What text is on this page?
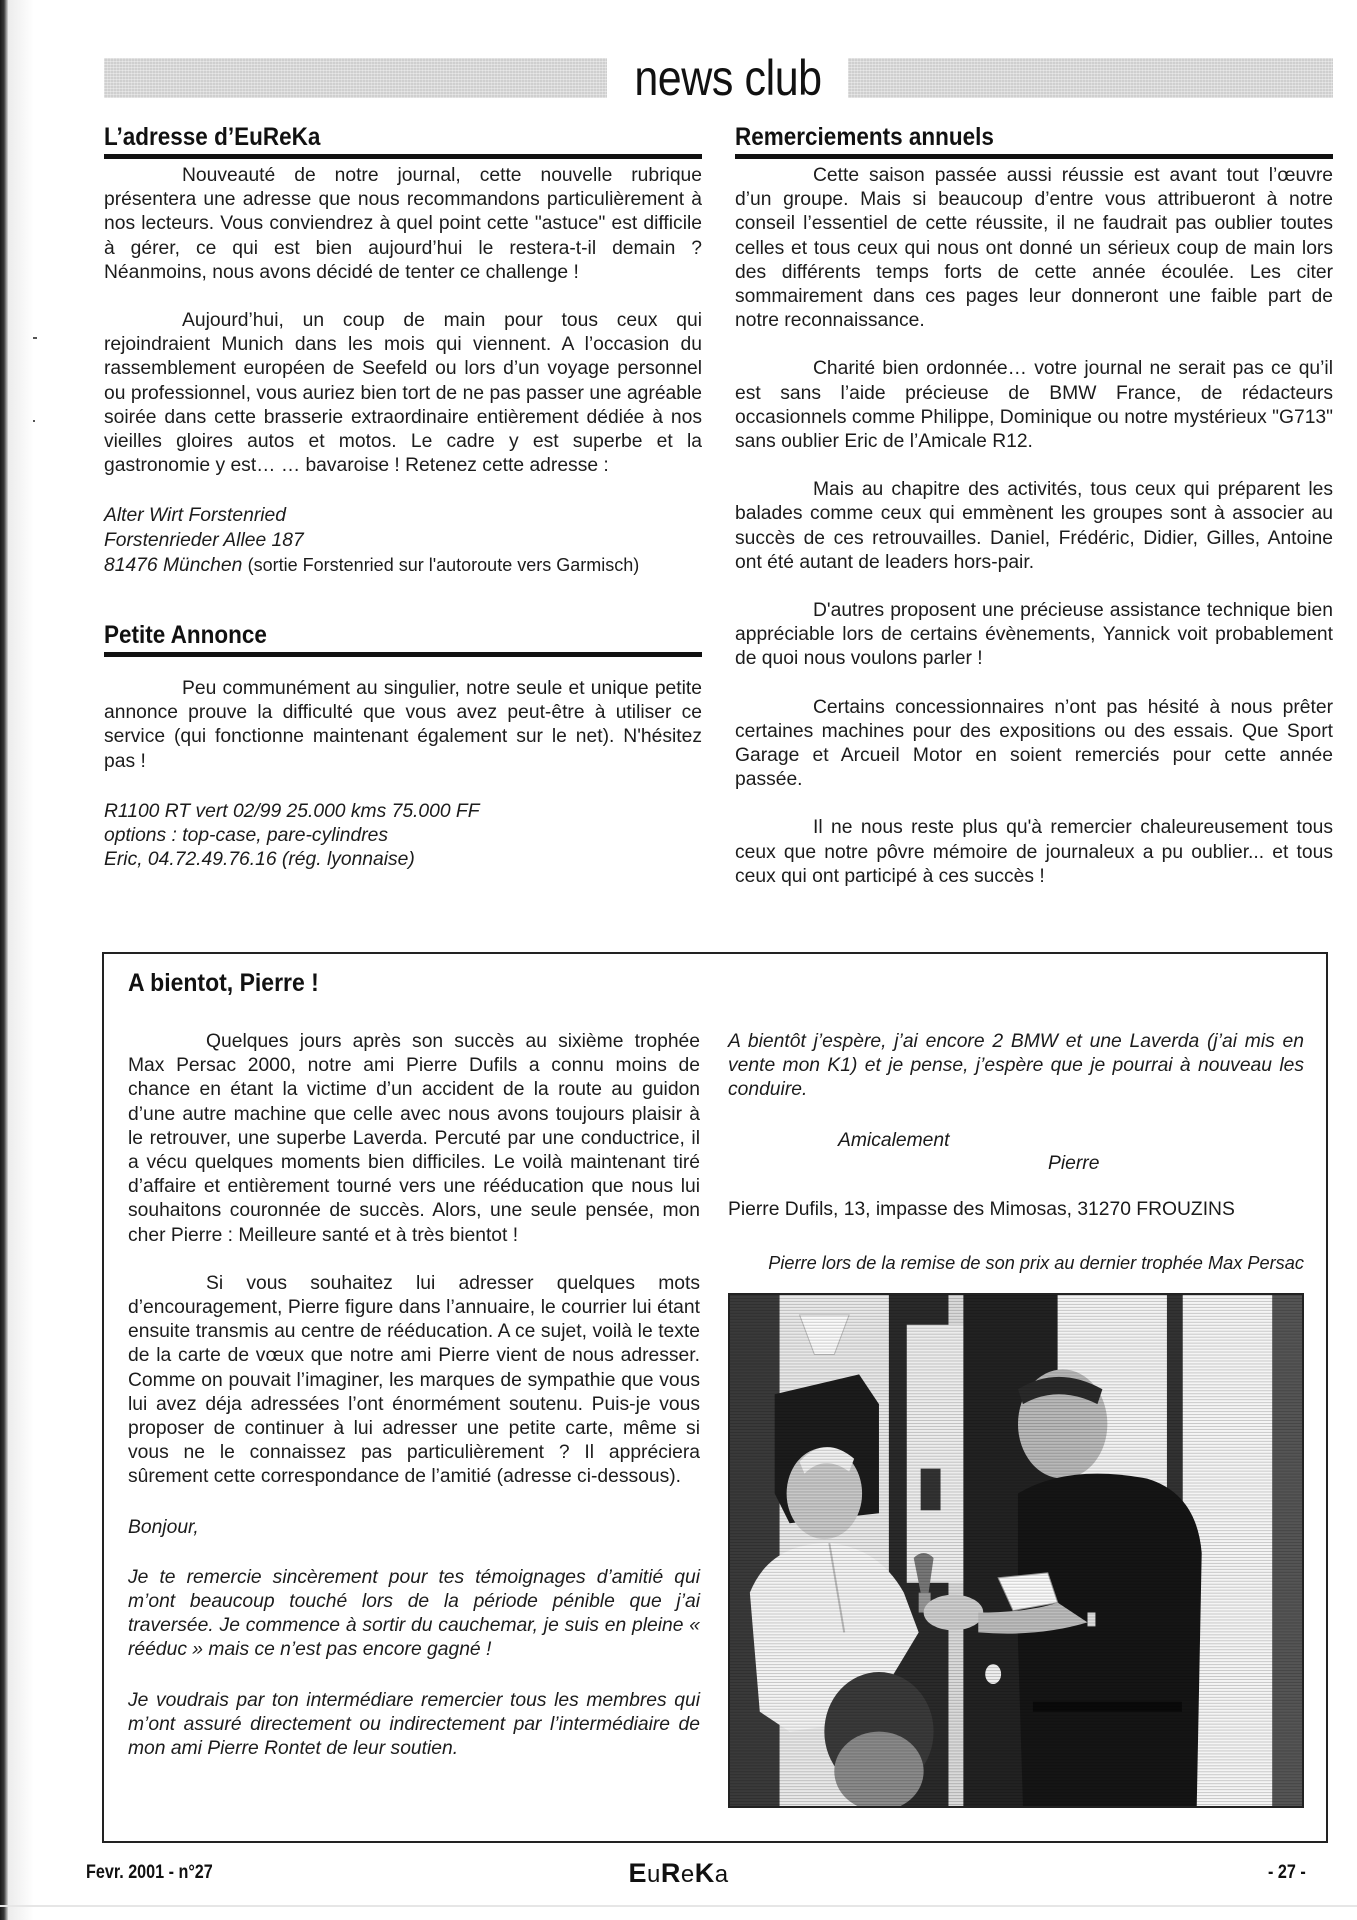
news club
L’adresse d’EuReKa

Nouveauté de notre journal, cette nouvelle rubrique présentera une adresse que nous recommandons particulièrement à nos lecteurs. Vous conviendrez à quel point cette "astuce" est difficile à gérer, ce qui est bien aujourd’hui le restera-t-il demain ? Néanmoins, nous avons décidé de tenter ce challenge !

Aujourd’hui, un coup de main pour tous ceux qui rejoindraient Munich dans les mois qui viennent. A l’occasion du rassemblement européen de Seefeld ou lors d’un voyage personnel ou professionnel, vous auriez bien tort de ne pas passer une agréable soirée dans cette brasserie extraordinaire entièrement dédiée à nos vieilles gloires autos et motos. Le cadre y est superbe et la gastronomie y est… … bavaroise ! Retenez cette adresse :

Alter Wirt Forstenried
Forstenrieder Allee 187
81476 München (sortie Forstenried sur l'autoroute vers Garmisch)
Petite Annonce

Peu communément au singulier, notre seule et unique petite annonce prouve la difficulté que vous avez peut-être à utiliser ce service (qui fonctionne maintenant également sur le net). N'hésitez pas !

R1100 RT vert 02/99 25.000 kms 75.000 FF
options : top-case, pare-cylindres
Eric, 04.72.49.76.16 (rég. lyonnaise)
Remerciements annuels

Cette saison passée aussi réussie est avant tout l’œuvre d’un groupe. Mais si beaucoup d’entre vous attribueront à notre conseil l’essentiel de cette réussite, il ne faudrait pas oublier toutes celles et tous ceux qui nous ont donné un sérieux coup de main lors des différents temps forts de cette année écoulée. Les citer sommairement dans ces pages leur donneront une faible part de notre reconnaissance.

Charité bien ordonnée… votre journal ne serait pas ce qu’il est sans l’aide précieuse de BMW France, de rédacteurs occasionnels comme Philippe, Dominique ou notre mystérieux "G713" sans oublier Eric de l’Amicale R12.

Mais au chapitre des activités, tous ceux qui préparent les balades comme ceux qui emmènent les groupes sont à associer au succès de ces retrouvailles. Daniel, Frédéric, Didier, Gilles, Antoine ont été autant de leaders hors-pair.

D'autres proposent une précieuse assistance technique bien appréciable lors de certains évènements, Yannick voit probablement de quoi nous voulons parler !

Certains concessionnaires n’ont pas hésité à nous prêter certaines machines pour des expositions ou des essais. Que Sport Garage et Arcueil Motor en soient remerciés pour cette année passée.

Il ne nous reste plus qu'à remercier chaleureusement tous ceux que notre pôvre mémoire de journaleux a pu oublier... et tous ceux qui ont participé à ces succès !

A bientot, Pierre !

Quelques jours après son succès au sixième trophée Max Persac 2000, notre ami Pierre Dufils a connu moins de chance en étant la victime d’un accident de la route au guidon d’une autre machine que celle avec nous avons toujours plaisir à le retrouver, une superbe Laverda. Percuté par une conductrice, il a vécu quelques moments bien difficiles. Le voilà maintenant tiré d’affaire et entièrement tourné vers une rééducation que nous lui souhaitons couronnée de succès. Alors, une seule pensée, mon cher Pierre : Meilleure santé et à très bientot !

Si vous souhaitez lui adresser quelques mots d’encouragement, Pierre figure dans l’annuaire, le courrier lui étant ensuite transmis au centre de rééducation. A ce sujet, voilà le texte de la carte de vœux que notre ami Pierre vient de nous adresser. Comme on pouvait l’imaginer, les marques de sympathie que vous lui avez déja adressées l’ont énormément soutenu. Puis-je vous proposer de continuer à lui adresser une petite carte, même si vous ne le connaissez pas particulièrement ? Il appréciera sûrement cette correspondance de l’amitié (adresse ci-dessous).

Bonjour,

Je te remercie sincèrement pour tes témoignages d’amitié qui m’ont beaucoup touché lors de la période pénible que j’ai traversée. Je commence à sortir du cauchemar, je suis en pleine « rééduc » mais ce n’est pas encore gagné !

Je voudrais par ton intermédiare remercier tous les membres qui m’ont assuré directement ou indirectement par l’intermédiaire de mon ami Pierre Rontet de leur soutien.

A bientôt j’espère, j’ai encore 2 BMW et une Laverda (j’ai mis en vente mon K1) et je pense, j’espère que je pourrai à nouveau les conduire.

Amicalement
Pierre
Pierre Dufils, 13, impasse des Mimosas, 31270 FROUZINS
Pierre lors de la remise de son prix au dernier trophée Max Persac
Fevr. 2001 - n°27	EuReKa	- 27 -
